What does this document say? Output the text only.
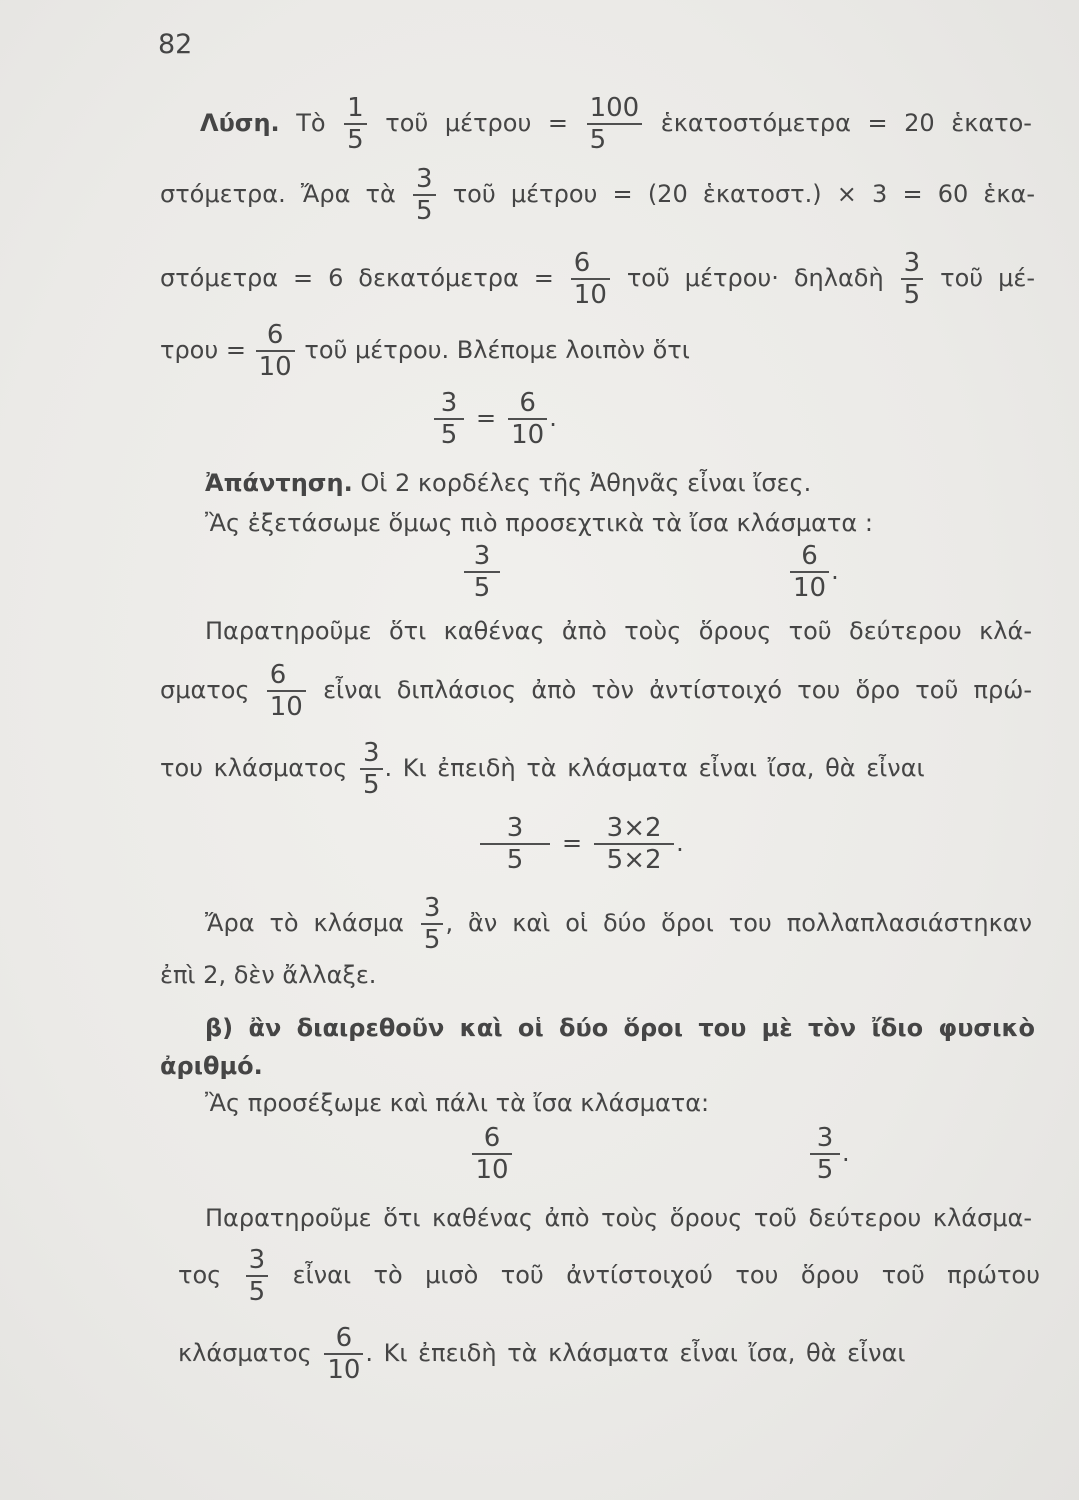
82
Λύση. Τὸ $\frac{1}{5}$ τοῦ $\mu έ\tau\rho o\upsilon = \frac{100}{5}$ ἑκατοστόμετρα = 20 ἑκατο-
στόμετρα. Ἄρα τὰ $\frac{3}{5}$ τοῦ μέτρου = (20 ἑκατοστ.) × 3 = 60 ἑκα-
στόμετρα = 6 $\delta\varepsilon\kappa\alpha\tau ό\mu\varepsilon\tau\rho\alpha = \frac{6}{10}$ τοῦ μέτρου· δηλαδὴ $\frac{3}{5}$ τοῦ μέ-
$\tau\rho o\upsilon = \frac{6}{10}$ τοῦ μέτρου. Βλέπομε λοιπὸν ὅτι
$\frac{3}{5} = \frac{6}{10}$ .
Ἀπάντηση. Οἱ 2 κορδέλες τῆς Ἀθηνᾶς εἶναι ἴσες.
Ἂς ἐξετάσωμε ὅμως πιὸ προσεχτικὰ τὰ ἴσα κλάσματα :
$\frac{3}{5}$	$\frac{6}{10}$ .
Παρατηροῦμε ὅτι καθένας ἀπὸ τοὺς ὅρους τοῦ δεύτερου κλά-
σματος $\frac{6}{10}$ εἶναι διπλάσιος ἀπὸ τὸν ἀντίστοιχό του ὅρο τοῦ πρώ-
του κλάσματος $\frac{3}{5}$ . Κι ἐπειδὴ τὰ κλάσματα εἶναι ἴσα, θὰ εἶναι
$\frac{3}{5} = \frac{3\times 2}{5\times 2}$ .
Ἄρα τὸ κλάσμα $\frac{3}{5}$ , ἂν καὶ οἱ δύο ὅροι του πολλαπλασιάστηκαν
ἐπὶ 2, δὲν ἄλλαξε.
β) ἂν διαιρεθοῦν καὶ οἱ δύο ὅροι του μὲ τὸν ἴδιο φυσικὸ
ἀριθμό.
Ἂς προσέξωμε καὶ πάλι τὰ ἴσα κλάσματα:
$\frac{6}{10}$	$\frac{3}{5}$ .
Παρατηροῦμε ὅτι καθένας ἀπὸ τοὺς ὅρους τοῦ δεύτερου κλάσμα-
τος $\frac{3}{5}$ εἶναι τὸ μισὸ τοῦ ἀντίστοιχού του ὅρου τοῦ πρώτου
κλάσματος $\frac{6}{10}$ . Κι ἐπειδὴ τὰ κλάσματα εἶναι ἴσα, θὰ εἶναι
